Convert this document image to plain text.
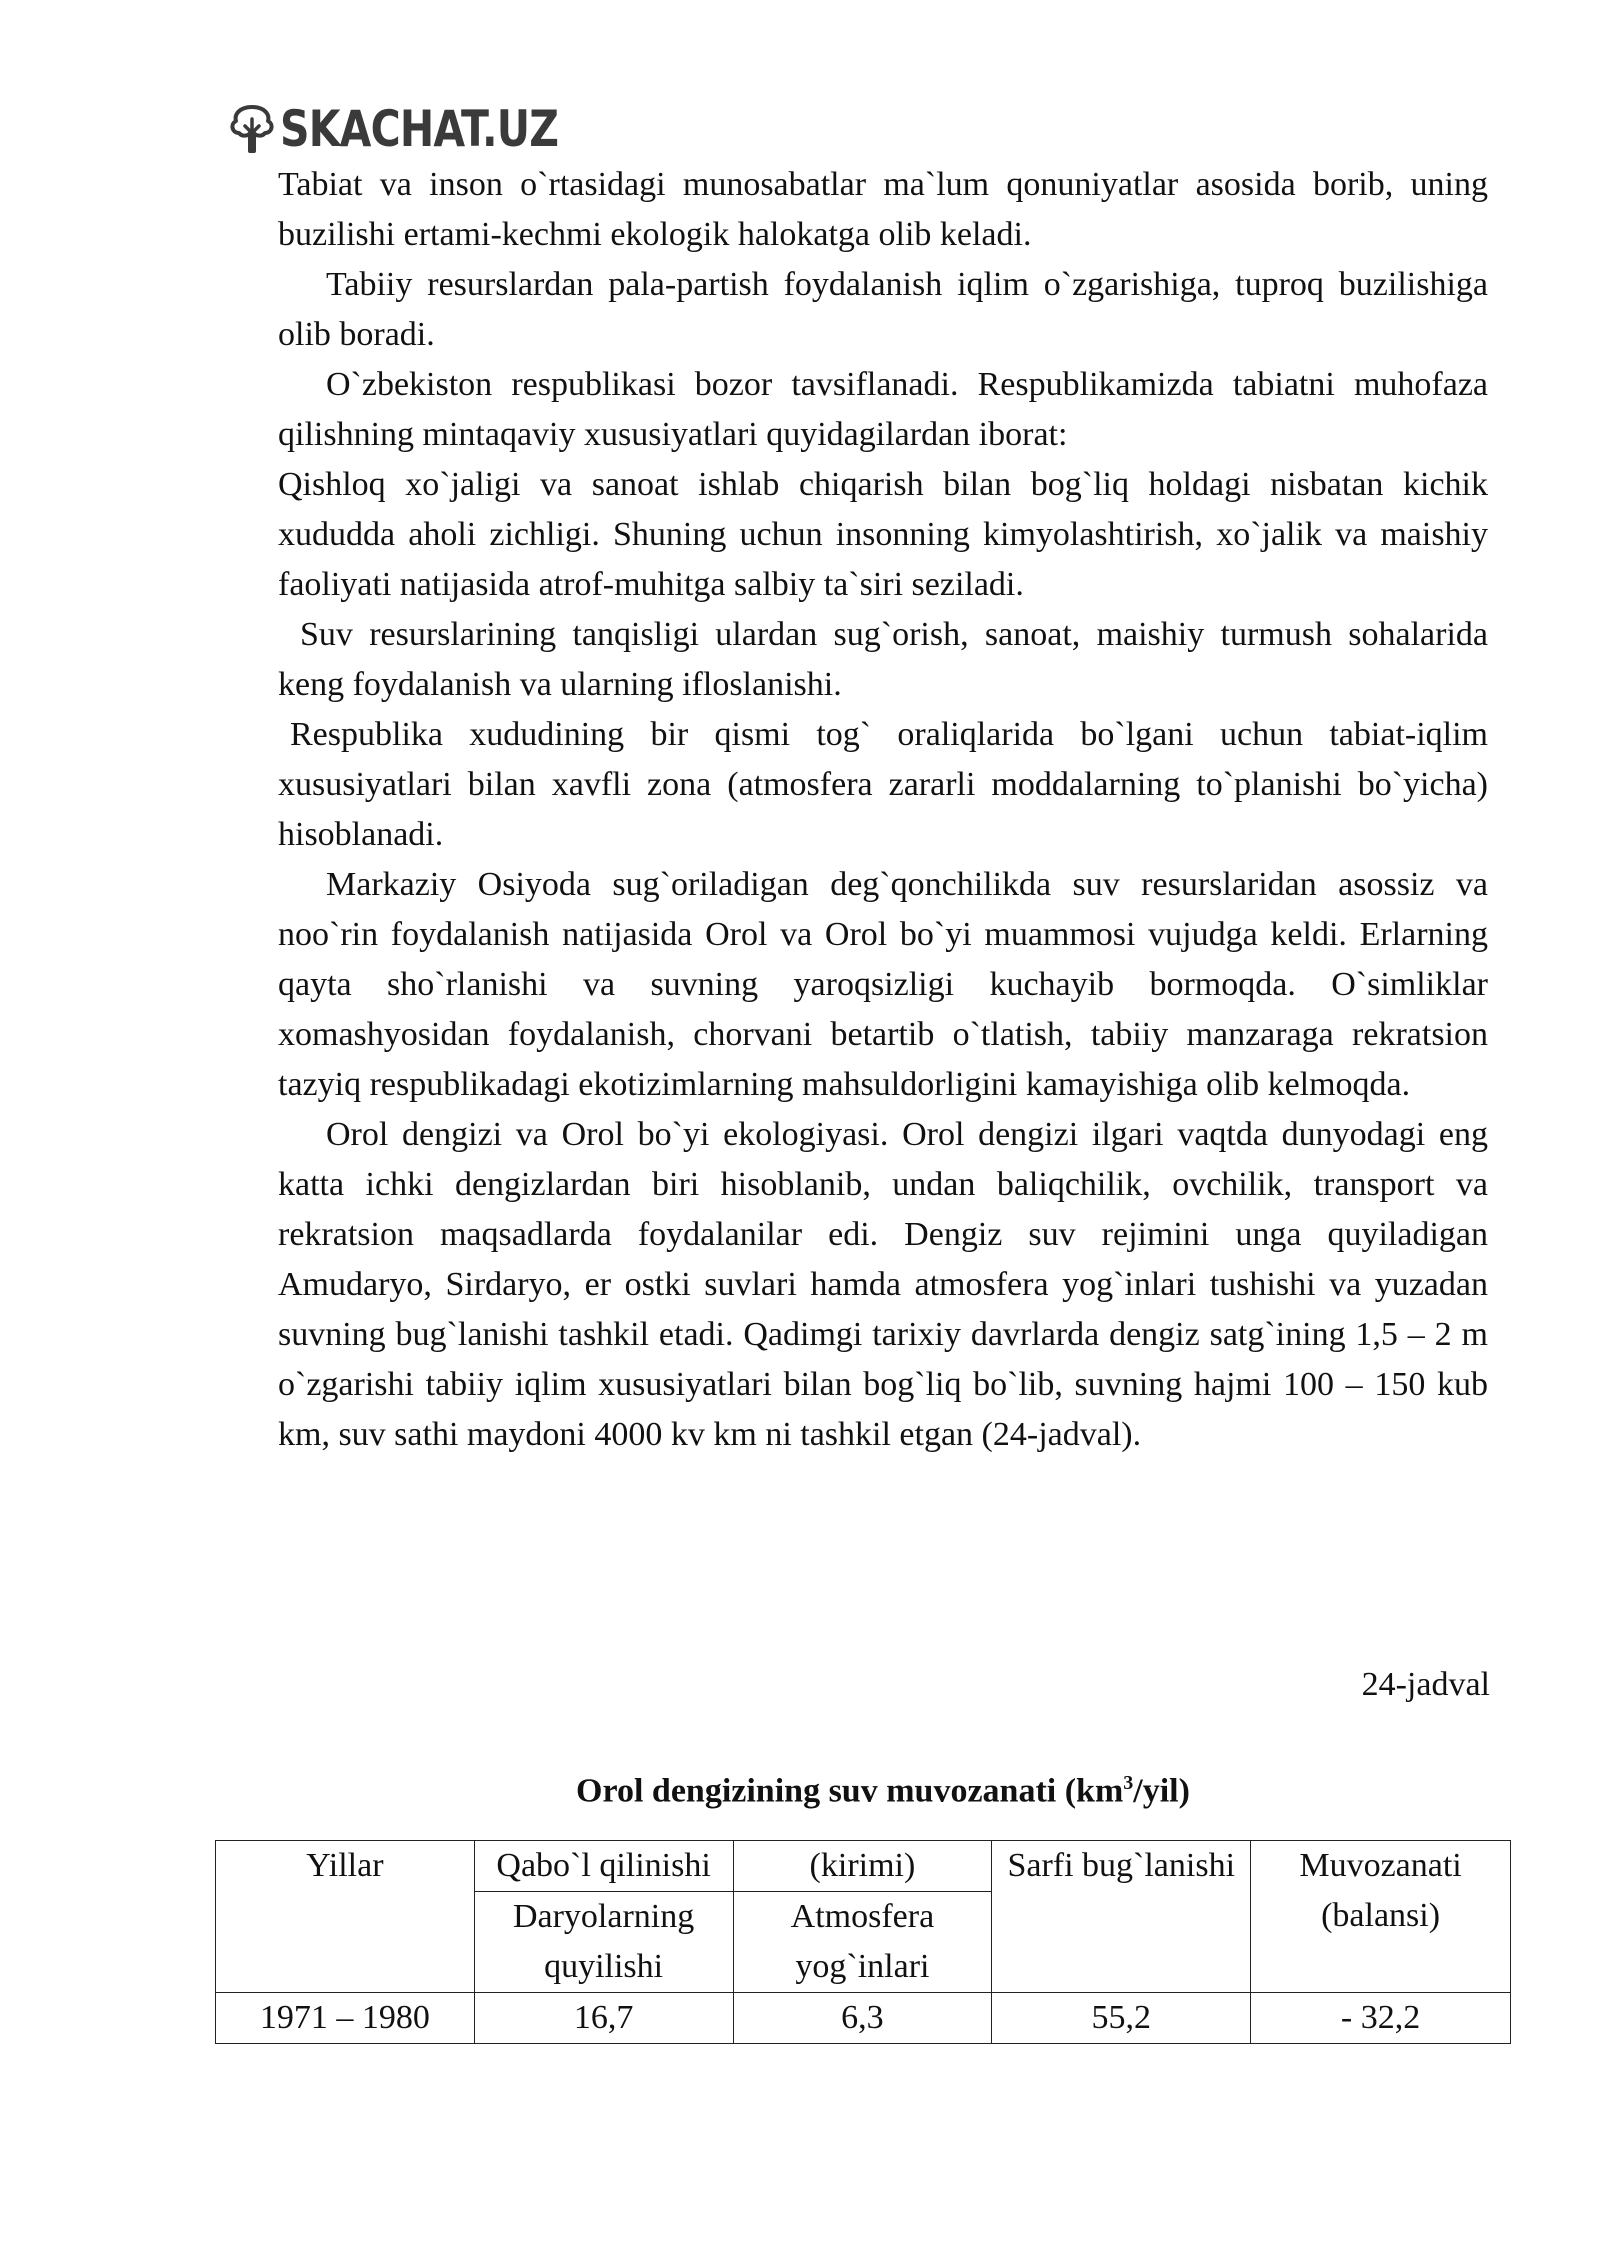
SKACHAT.UZ

Tabiat va inson o`rtasidagi munosabatlar ma`lum qonuniyatlar asosida borib, uning buzilishi ertami-kechmi ekologik halokatga olib keladi.

Tabiiy resurslardan pala-partish foydalanish iqlim o`zgarishiga, tuproq buzilishiga olib boradi.

O`zbekiston respublikasi bozor tavsiflanadi. Respublikamizda tabiatni muhofaza qilishning mintaqaviy xususiyatlari quyidagilardan iborat:

Qishloq xo`jaligi va sanoat ishlab chiqarish bilan bog`liq holdagi nisbatan kichik xududda aholi zichligi. Shuning uchun insonning kimyolashtirish, xo`jalik va maishiy faoliyati natijasida atrof-muhitga salbiy ta`siri seziladi.

Suv resurslarining tanqisligi ulardan sug`orish, sanoat, maishiy turmush sohalarida keng foydalanish va ularning ifloslanishi.

Respublika xududining bir qismi tog` oraliqlarida bo`lgani uchun tabiat-iqlim xususiyatlari bilan xavfli zona (atmosfera zararli moddalarning to`planishi bo`yicha) hisoblanadi.

Markaziy Osiyoda sug`oriladigan deg`qonchilikda suv resurslaridan asossiz va noo`rin foydalanish natijasida Orol va Orol bo`yi muammosi vujudga keldi. Erlarning qayta sho`rlanishi va suvning yaroqsizligi kuchayib bormoqda. O`simliklar xomashyosidan foydalanish, chorvani betartib o`tlatish, tabiiy manzaraga rekratsion tazyiq respublikadagi ekotizimlarning mahsuldorligini kamayishiga olib kelmoqda.

Orol dengizi va Orol bo`yi ekologiyasi. Orol dengizi ilgari vaqtda dunyodagi eng katta ichki dengizlardan biri hisoblanib, undan baliqchilik, ovchilik, transport va rekratsion maqsadlarda foydalanilar edi. Dengiz suv rejimini unga quyiladigan Amudaryo, Sirdaryo, er ostki suvlari hamda atmosfera yog`inlari tushishi va yuzadan suvning bug`lanishi tashkil etadi. Qadimgi tarixiy davrlarda dengiz satg`ining 1,5 – 2 m o`zgarishi tabiiy iqlim xususiyatlari bilan bog`liq bo`lib, suvning hajmi 100 – 150 kub km, suv sathi maydoni 4000 kv km ni tashkil etgan (24-jadval).

24-jadval
Orol dengizining suv muvozanati $(km^3/yil)$
Yillar	Qabo`l qilinishi	(kirimi)	Sarfi bug`lanishi	Muvozanati (balansi)
	Daryolarning quyilishi	Atmosfera yog`inlari		
1971 – 1980	16,7	6,3	55,2	- 32,2
